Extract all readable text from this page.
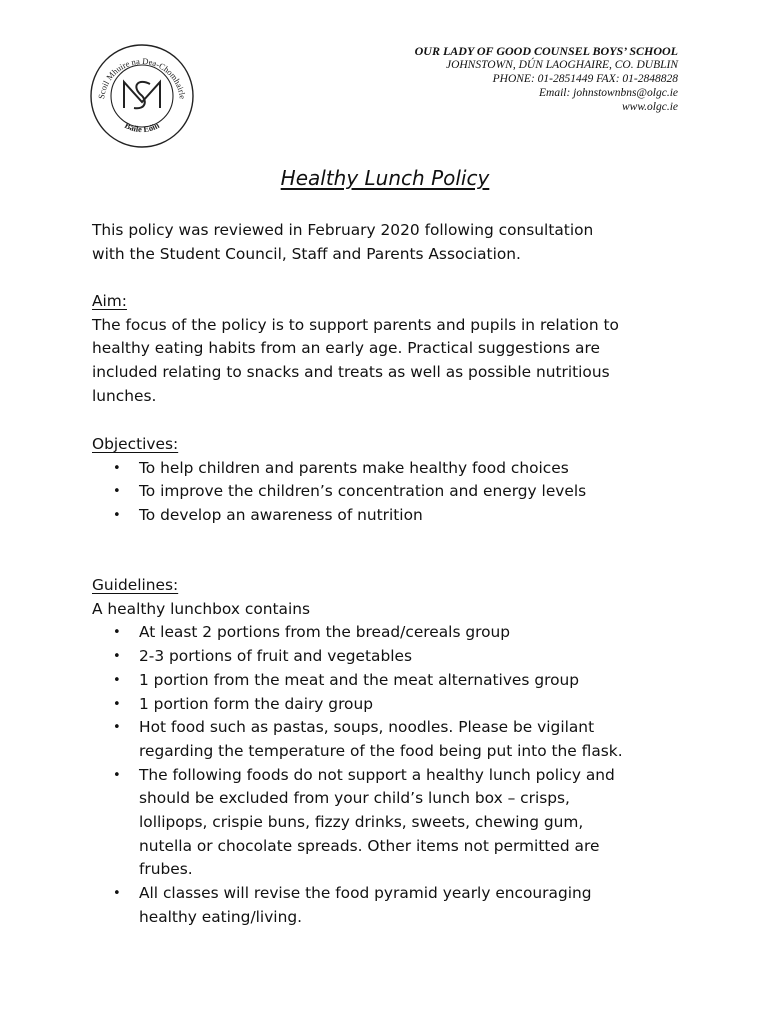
Scoil Mhuire na Dea-Chomhairle
Baile Eóin
OUR LADY OF GOOD COUNSEL BOYS’ SCHOOL
JOHNSTOWN, DÚN LAOGHAIRE, CO. DUBLIN
PHONE: 01-2851449 FAX: 01-2848828
Email: johnstownbns@olgc.ie
www.olgc.ie
Healthy Lunch Policy

This policy was reviewed in February 2020 following consultation

with the Student Council, Staff and Parents Association.

Aim:

The focus of the policy is to support parents and pupils in relation to

healthy eating habits from an early age. Practical suggestions are

included relating to snacks and treats as well as possible nutritious

lunches.

Objectives:

• To help children and parents make healthy food choices
• To improve the children’s concentration and energy levels
• To develop an awareness of nutrition

Guidelines:

A healthy lunchbox contains

• At least 2 portions from the bread/cereals group
• 2-3 portions of fruit and vegetables
• 1 portion from the meat and the meat alternatives group
• 1 portion form the dairy group
• Hot food such as pastas, soups, noodles. Please be vigilant
regarding the temperature of the food being put into the flask.
• The following foods do not support a healthy lunch policy and
should be excluded from your child’s lunch box – crisps,
lollipops, crispie buns, fizzy drinks, sweets, chewing gum,
nutella or chocolate spreads. Other items not permitted are
frubes.
• All classes will revise the food pyramid yearly encouraging
healthy eating/living.
